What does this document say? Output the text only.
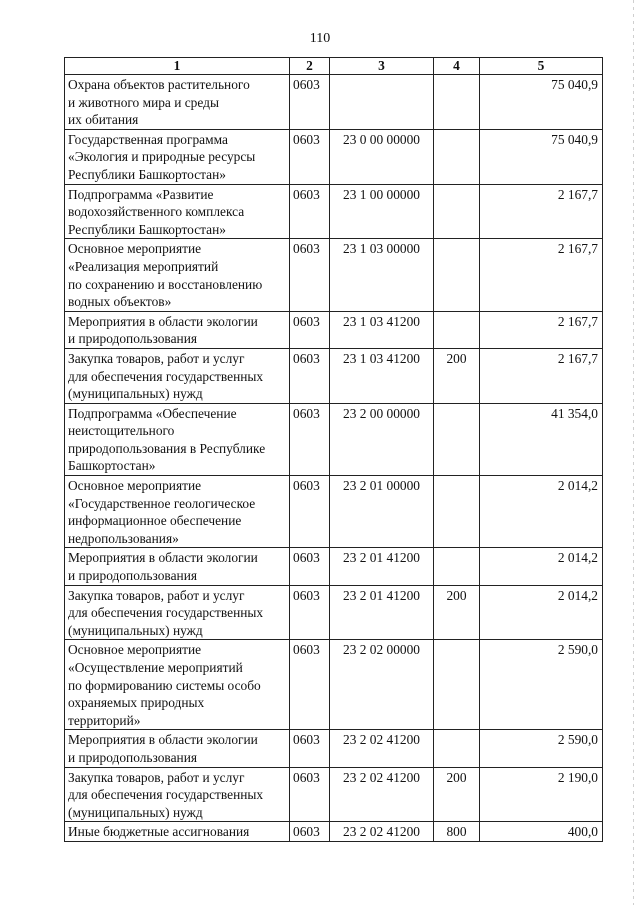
110
1	2	3	4	5
Охрана объектов растительного
и животного мира и среды
их обитания	0603			75 040,9
Государственная программа
«Экология и природные ресурсы
Республики Башкортостан»	0603	23 0 00 00000		75 040,9
Подпрограмма «Развитие
водохозяйственного комплекса
Республики Башкортостан»	0603	23 1 00 00000		2 167,7
Основное мероприятие
«Реализация мероприятий
по сохранению и восстановлению
водных объектов»	0603	23 1 03 00000		2 167,7
Мероприятия в области экологии
и природопользования	0603	23 1 03 41200		2 167,7
Закупка товаров, работ и услуг
для обеспечения государственных
(муниципальных) нужд	0603	23 1 03 41200	200	2 167,7
Подпрограмма «Обеспечение
неистощительного
природопользования в Республике
Башкортостан»	0603	23 2 00 00000		41 354,0
Основное мероприятие
«Государственное геологическое
информационное обеспечение
недропользования»	0603	23 2 01 00000		2 014,2
Мероприятия в области экологии
и природопользования	0603	23 2 01 41200		2 014,2
Закупка товаров, работ и услуг
для обеспечения государственных
(муниципальных) нужд	0603	23 2 01 41200	200	2 014,2
Основное мероприятие
«Осуществление мероприятий
по формированию системы особо
охраняемых природных
территорий»	0603	23 2 02 00000		2 590,0
Мероприятия в области экологии
и природопользования	0603	23 2 02 41200		2 590,0
Закупка товаров, работ и услуг
для обеспечения государственных
(муниципальных) нужд	0603	23 2 02 41200	200	2 190,0
Иные бюджетные ассигнования	0603	23 2 02 41200	800	400,0
